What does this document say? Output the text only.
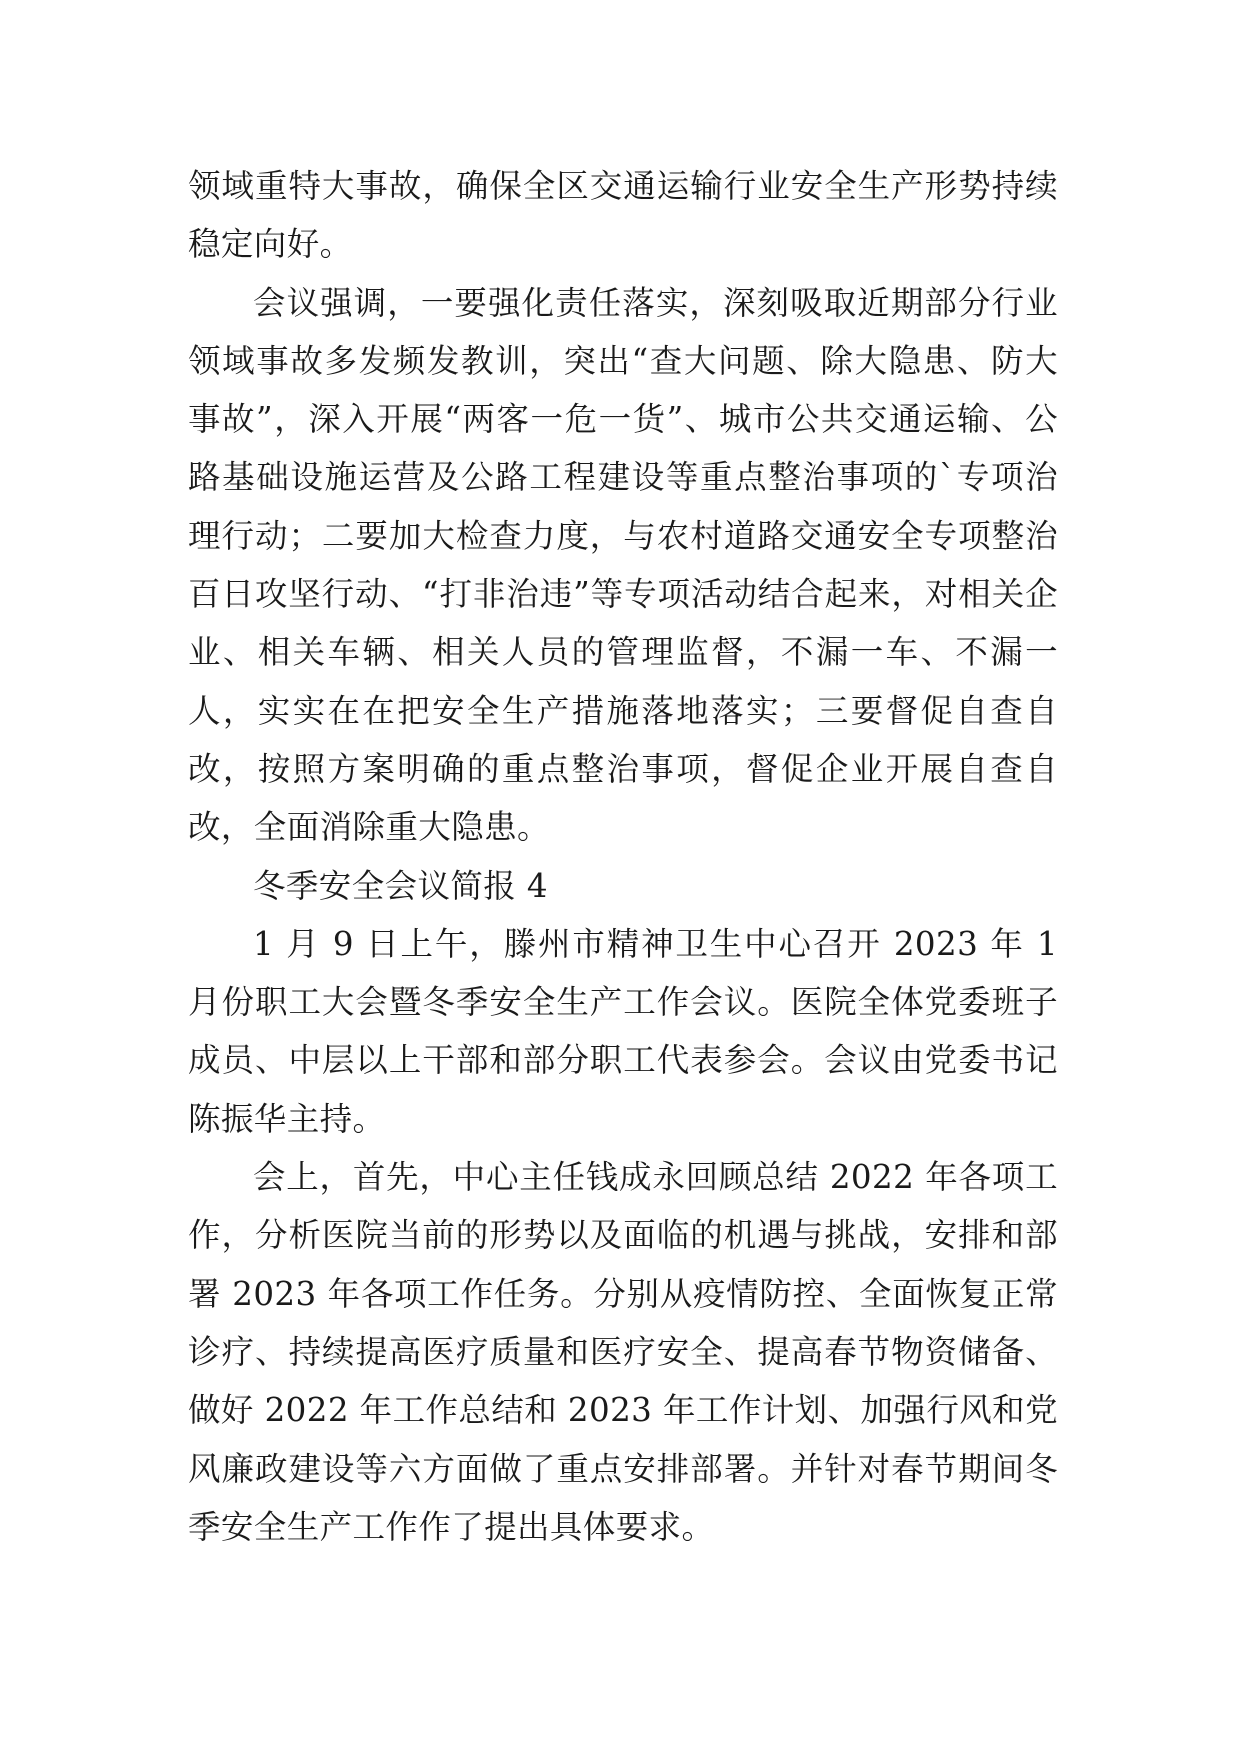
领域重特大事故，确保全区交通运输行业安全生产形势持续稳定向好。

会议强调，一要强化责任落实，深刻吸取近期部分行业领域事故多发频发教训，突出“查大问题、除大隐患、防大事故”，深入开展“两客一危一货”、城市公共交通运输、公路基础设施运营及公路工程建设等重点整治事项的`专项治理行动；二要加大检查力度，与农村道路交通安全专项整治百日攻坚行动、“打非治违”等专项活动结合起来，对相关企业、相关车辆、相关人员的管理监督，不漏一车、不漏一人，实实在在把安全生产措施落地落实；三要督促自查自改，按照方案明确的重点整治事项，督促企业开展自查自改，全面消除重大隐患。

冬季安全会议简报 4

1 月 9 日上午，滕州市精神卫生中心召开 2023 年 1 月份职工大会暨冬季安全生产工作会议。医院全体党委班子成员、中层以上干部和部分职工代表参会。会议由党委书记陈振华主持。

会上，首先，中心主任钱成永回顾总结 2022 年各项工作，分析医院当前的形势以及面临的机遇与挑战，安排和部署 2023 年各项工作任务。分别从疫情防控、全面恢复正常诊疗、持续提高医疗质量和医疗安全、提高春节物资储备、做好 2022 年工作总结和 2023 年工作计划、加强行风和党风廉政建设等六方面做了重点安排部署。并针对春节期间冬季安全生产工作作了提出具体要求。
